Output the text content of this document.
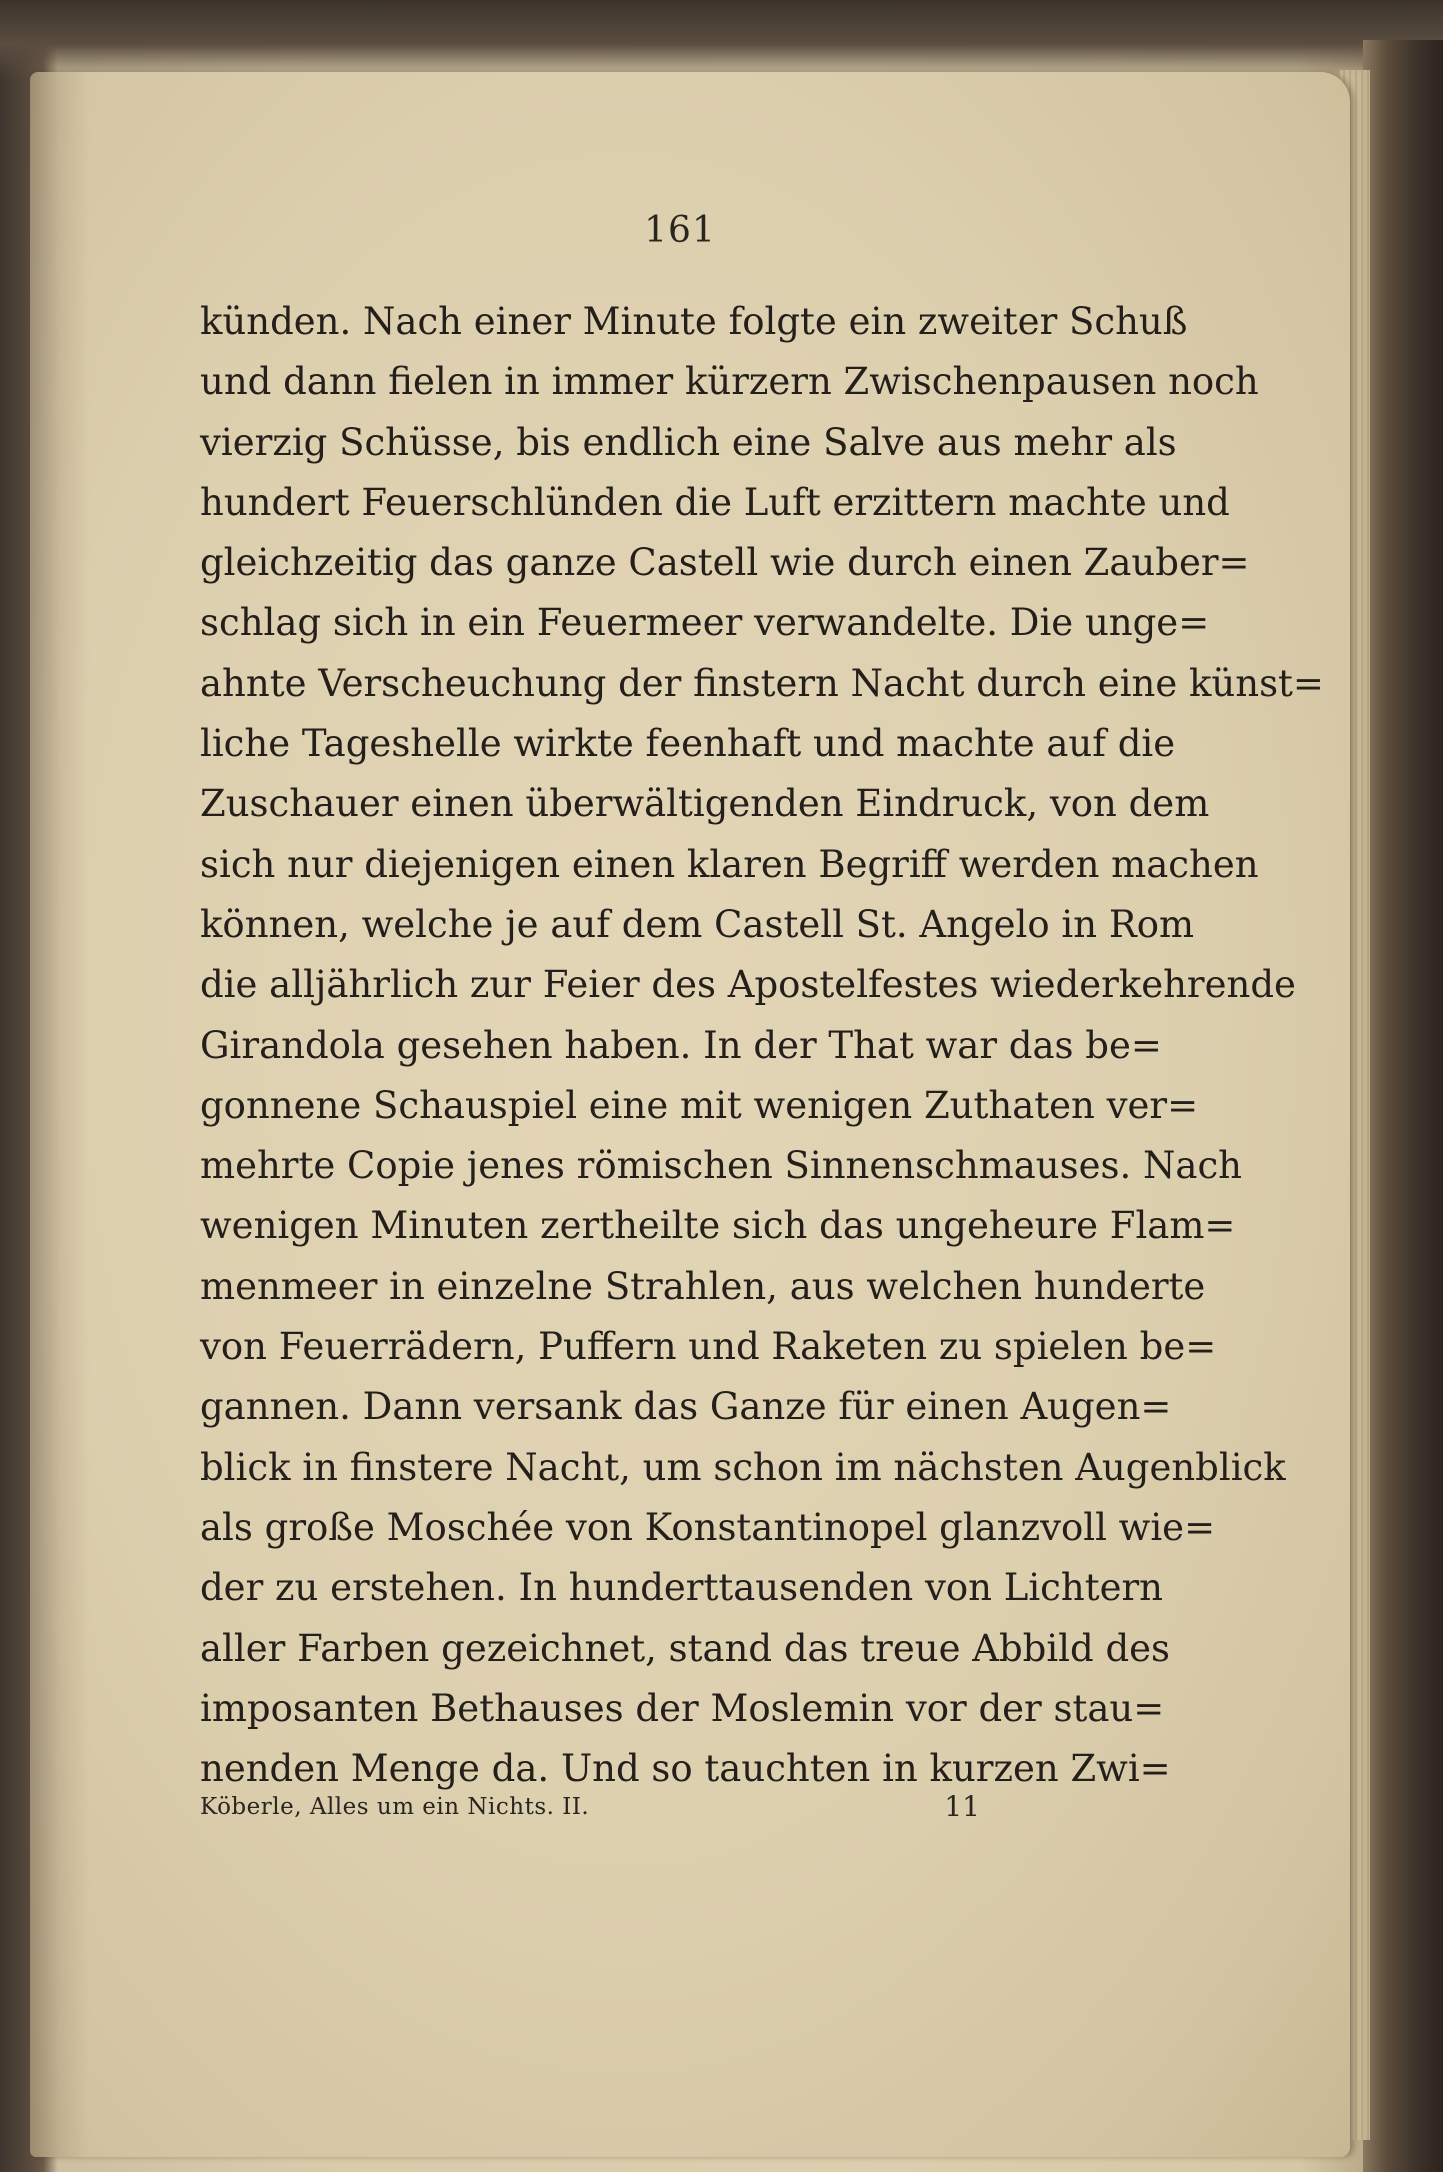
161
künden. Nach einer Minute folgte ein zweiter Schuß
und dann fielen in immer kürzern Zwischenpausen noch
vierzig Schüsse, bis endlich eine Salve aus mehr als
hundert Feuerschlünden die Luft erzittern machte und
gleichzeitig das ganze Castell wie durch einen Zauber=
schlag sich in ein Feuermeer verwandelte. Die unge=
ahnte Verscheuchung der finstern Nacht durch eine künst=
liche Tageshelle wirkte feenhaft und machte auf die
Zuschauer einen überwältigenden Eindruck, von dem
sich nur diejenigen einen klaren Begriff werden machen
können, welche je auf dem Castell St. Angelo in Rom
die alljährlich zur Feier des Apostelfestes wiederkehrende
Girandola gesehen haben. In der That war das be=
gonnene Schauspiel eine mit wenigen Zuthaten ver=
mehrte Copie jenes römischen Sinnenschmauses. Nach
wenigen Minuten zertheilte sich das ungeheure Flam=
menmeer in einzelne Strahlen, aus welchen hunderte
von Feuerrädern, Puffern und Raketen zu spielen be=
gannen. Dann versank das Ganze für einen Augen=
blick in finstere Nacht, um schon im nächsten Augenblick
als große Moschée von Konstantinopel glanzvoll wie=
der zu erstehen. In hunderttausenden von Lichtern
aller Farben gezeichnet, stand das treue Abbild des
imposanten Bethauses der Moslemin vor der stau=
nenden Menge da. Und so tauchten in kurzen Zwi=
Köberle, Alles um ein Nichts. II.	11
